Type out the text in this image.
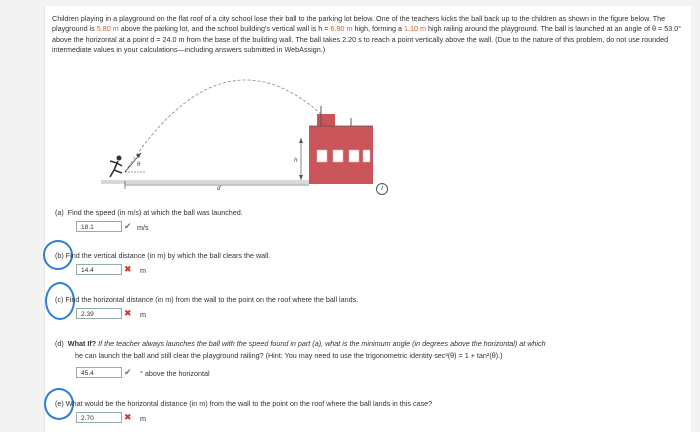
Children playing in a playground on the flat roof of a city school lose their ball to the parking lot below. One of the teachers kicks the ball back up to the children as shown in the figure below. The playground is 5.80 m above the parking lot, and the school building's vertical wall is h = 6.90 m high, forming a 1.10 m high railing around the playground. The ball is launched at an angle of θ = 53.0° above the horizontal at a point d = 24.0 m from the base of the building wall. The ball takes 2.20 s to reach a point vertically above the wall. (Due to the nature of this problem, do not use rounded intermediate values in your calculations—including answers submitted in WebAssign.)
d
θ
h
i
(a) Find the speed (in m/s) at which the ball was launched.
18.1	✔ m/s
(b) Find the vertical distance (in m) by which the ball clears the wall.
14.4	✖ m
(c) Find the horizontal distance (in m) from the wall to the point on the roof where the ball lands.
2.39	✖ m
(d) What If? If the teacher always launches the ball with the speed found in part (a), what is the minimum angle (in degrees above the horizontal) at which
he can launch the ball and still clear the playground railing? (Hint: You may need to use the trigonometric identity sec²(θ) = 1 + tan²(θ).)
45.4	✔ ° above the horizontal
(e) What would be the horizontal distance (in m) from the wall to the point on the roof where the ball lands in this case?
2.70	✖ m
